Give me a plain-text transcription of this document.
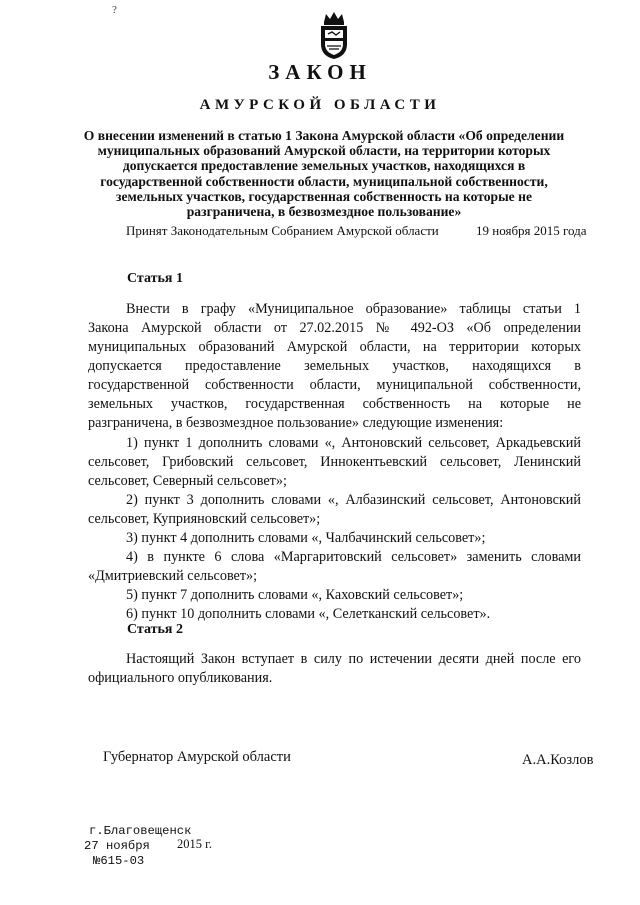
?
ЗАКОН
АМУРСКОЙ ОБЛАСТИ
О внесении изменений в статью 1 Закона Амурской области «Об определении муниципальных образований Амурской области, на территории которых допускается предоставление земельных участков, находящихся в государственной собственности области, муниципальной собственности, земельных участков, государственная собственность на которые не разграничена, в безвозмездное пользование»
Принят Законодательным Собранием Амурской области	19 ноября 2015 года
Статья 1
Внести в графу «Муниципальное образование» таблицы статьи 1
Закона Амурской области от 27.02.2015 № 492-ОЗ «Об определении
муниципальных образований Амурской области, на территории которых
допускается предоставление земельных участков, находящихся в
государственной собственности области, муниципальной собственности,
земельных участков, государственная собственность на которые не
разграничена, в безвозмездное пользование» следующие изменения:
1) пункт 1 дополнить словами «, Антоновский сельсовет, Аркадьевский
сельсовет, Грибовский сельсовет, Иннокентьевский сельсовет, Ленинский
сельсовет, Северный сельсовет»;
2) пункт 3 дополнить словами «, Албазинский сельсовет, Антоновский
сельсовет, Куприяновский сельсовет»;
3) пункт 4 дополнить словами «, Чалбачинский сельсовет»;
4) в пункте 6 слова «Маргаритовский сельсовет» заменить словами
«Дмитриевский сельсовет»;
5) пункт 7 дополнить словами «, Каховский сельсовет»;
6) пункт 10 дополнить словами «, Селетканский сельсовет».
Статья 2
Настоящий Закон вступает в силу по истечении десяти дней после его
официального опубликования.
Губернатор Амурской области	А.А.Козлов
г.Благовещенск
27 ноября 2015 г.
№615-03
